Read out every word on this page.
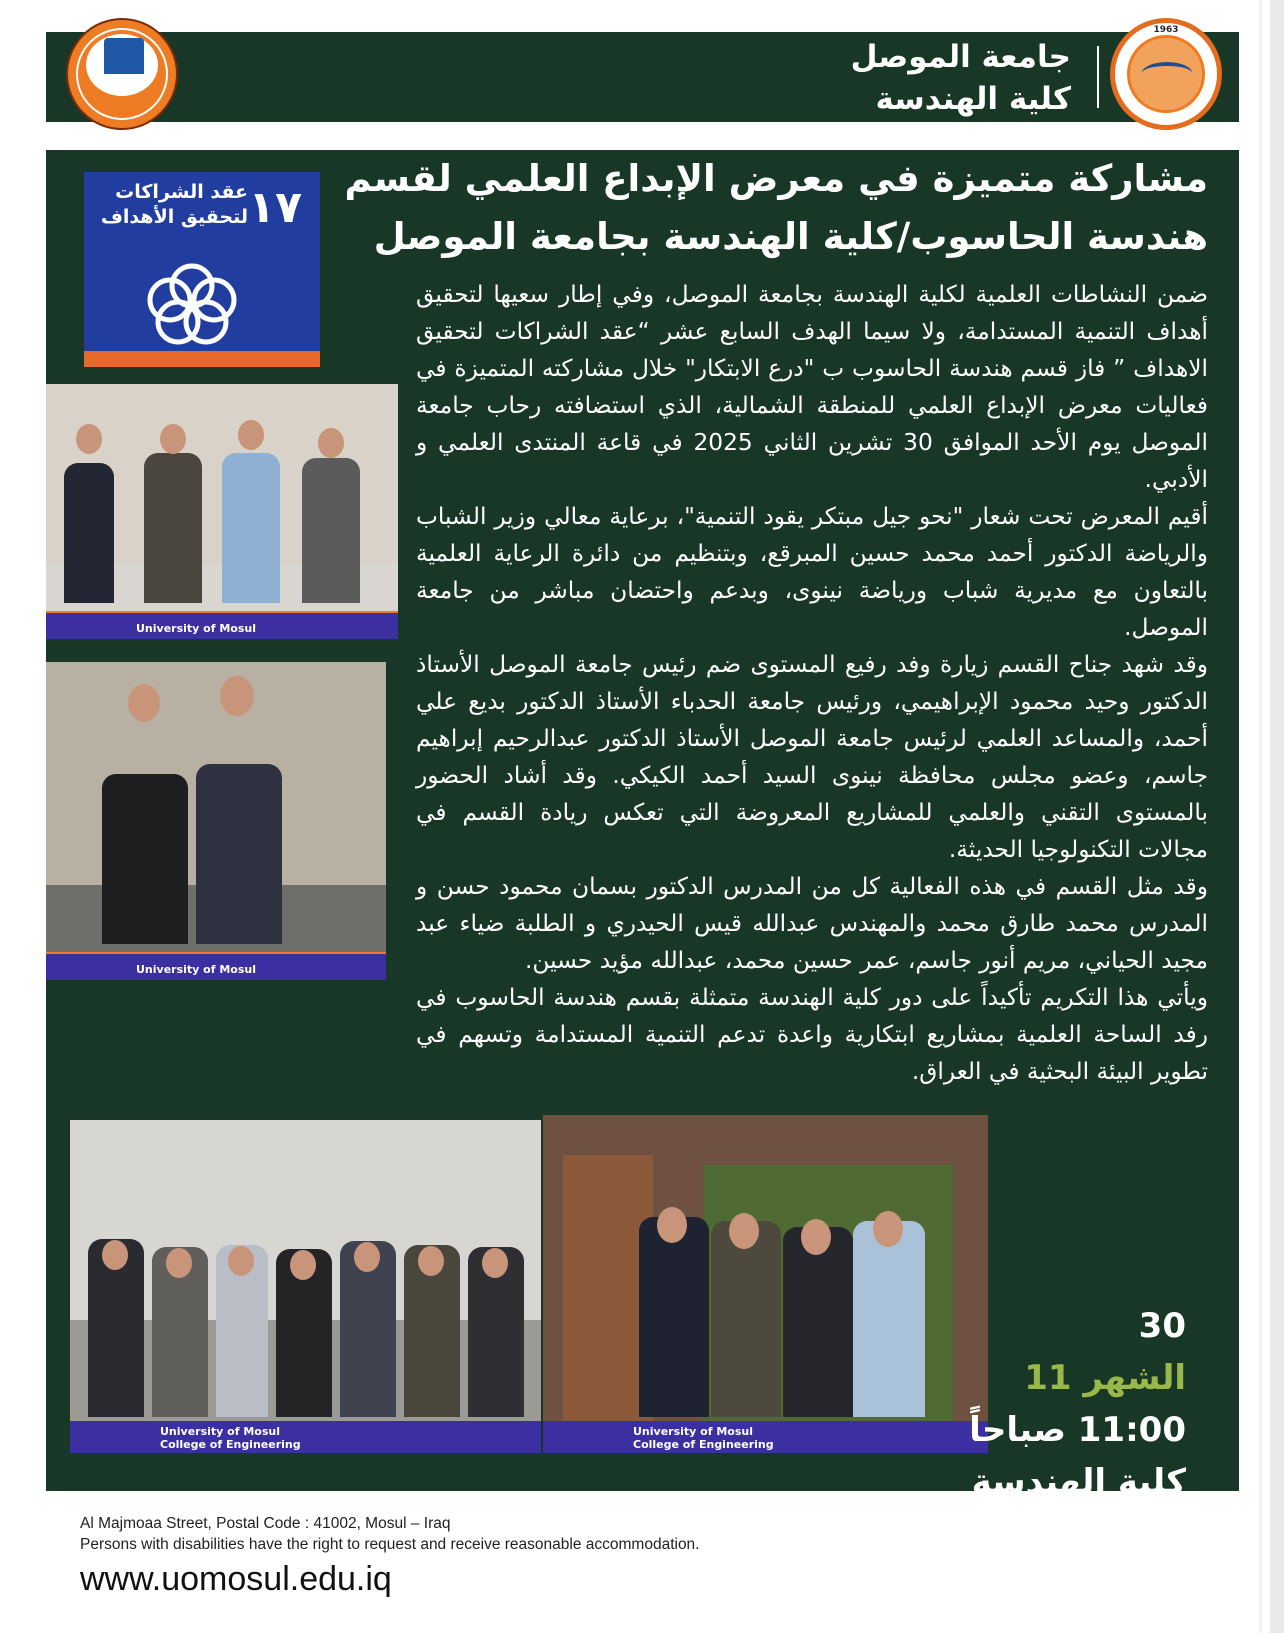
جامعة الموصل
كلية الهندسة
1963
مشاركة متميزة في معرض الإبداع العلمي لقسم هندسة الحاسوب/كلية الهندسة بجامعة الموصل
١٧
عقد الشراكات لتحقيق الأهداف
University of Mosul
University of Mosul
University of Mosul
College of Engineering
University of Mosul
College of Engineering

ضمن النشاطات العلمية لكلية الهندسة بجامعة الموصل، وفي إطار سعيها لتحقيق أهداف التنمية المستدامة، ولا سيما الهدف السابع عشر “عقد الشراكات لتحقيق الاهداف ” فاز قسم هندسة الحاسوب ب "درع الابتكار" خلال مشاركته المتميزة في فعاليات معرض الإبداع العلمي للمنطقة الشمالية، الذي استضافته رحاب جامعة الموصل يوم الأحد الموافق 30 تشرين الثاني 2025 في قاعة المنتدى العلمي و الأدبي.

أقيم المعرض تحت شعار "نحو جيل مبتكر يقود التنمية"، برعاية معالي وزير الشباب والرياضة الدكتور أحمد محمد حسين المبرقع، وبتنظيم من دائرة الرعاية العلمية بالتعاون مع مديرية شباب ورياضة نينوى، وبدعم واحتضان مباشر من جامعة الموصل.

وقد شهد جناح القسم زيارة وفد رفيع المستوى ضم رئيس جامعة الموصل الأستاذ الدكتور وحيد محمود الإبراهيمي، ورئيس جامعة الحدباء الأستاذ الدكتور بديع علي أحمد، والمساعد العلمي لرئيس جامعة الموصل الأستاذ الدكتور عبدالرحيم إبراهيم جاسم، وعضو مجلس محافظة نينوى السيد أحمد الكيكي. وقد أشاد الحضور بالمستوى التقني والعلمي للمشاريع المعروضة التي تعكس ريادة القسم في مجالات التكنولوجيا الحديثة.

وقد مثل القسم في هذه الفعالية كل من المدرس الدكتور بسمان محمود حسن و المدرس محمد طارق محمد والمهندس عبدالله قيس الحيدري و الطلبة ضياء عبد مجيد الحياني، مريم أنور جاسم، عمر حسين محمد، عبدالله مؤيد حسين.

ويأتي هذا التكريم تأكيداً على دور كلية الهندسة متمثلة بقسم هندسة الحاسوب في رفد الساحة العلمية بمشاريع ابتكارية واعدة تدعم التنمية المستدامة وتسهم في تطوير البيئة البحثية في العراق.

30
الشهر 11
11:00 صباحاً
كلية الهندسة
Al Majmoaa Street, Postal Code : 41002, Mosul – Iraq
Persons with disabilities have the right to request and receive reasonable accommodation.
www.uomosul.edu.iq
